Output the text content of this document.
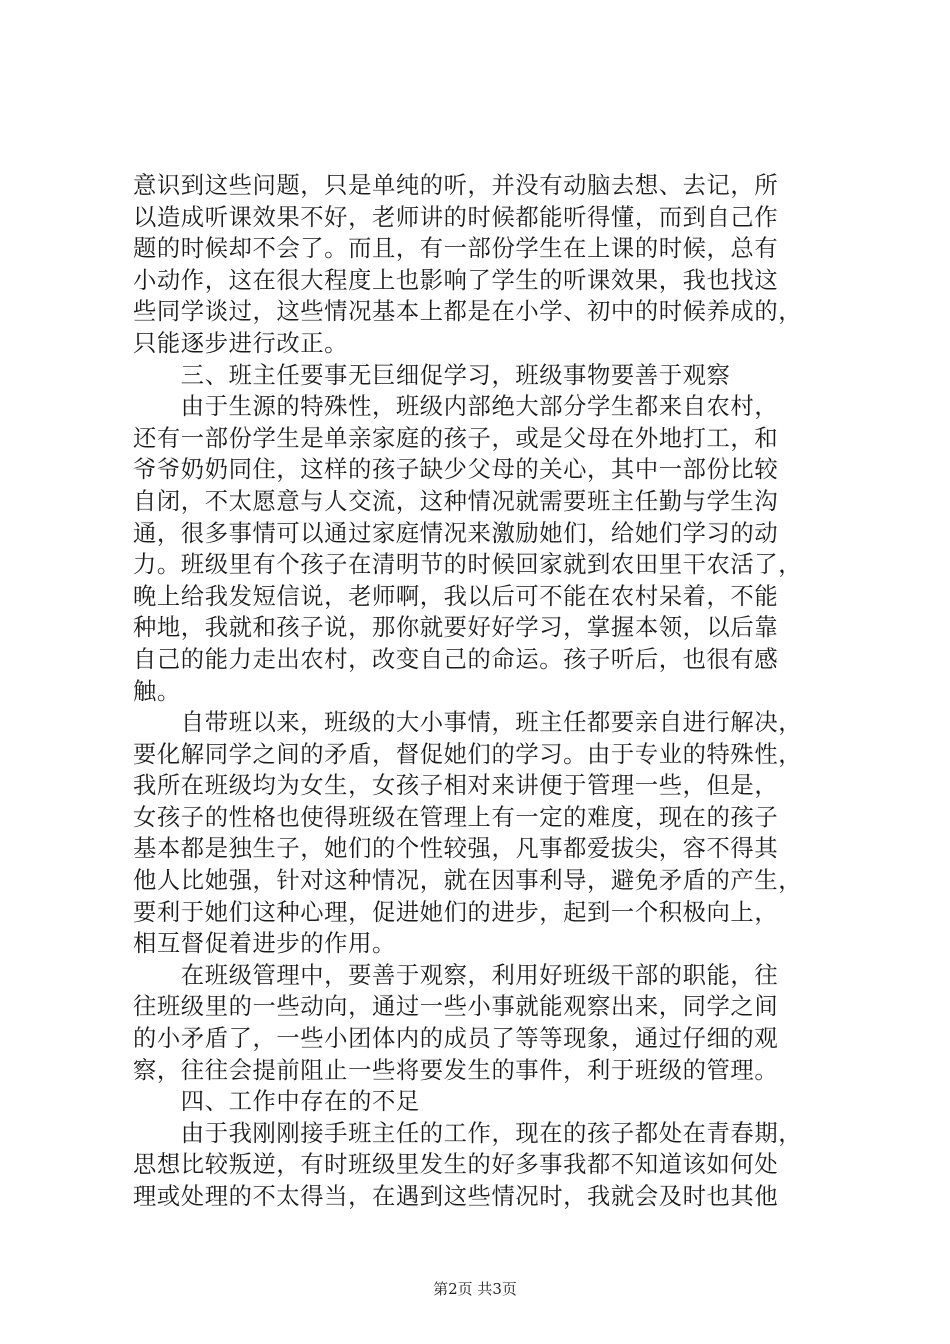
意识到这些问题，只是单纯的听，并没有动脑去想、去记，所
以造成听课效果不好，老师讲的时候都能听得懂，而到自己作
题的时候却不会了。而且，有一部份学生在上课的时候，总有
小动作，这在很大程度上也影响了学生的听课效果，我也找这
些同学谈过，这些情况基本上都是在小学、初中的时候养成的，
只能逐步进行改正。
　　三、班主任要事无巨细促学习，班级事物要善于观察
　　由于生源的特殊性，班级内部绝大部分学生都来自农村，
还有一部份学生是单亲家庭的孩子，或是父母在外地打工，和
爷爷奶奶同住，这样的孩子缺少父母的关心，其中一部份比较
自闭，不太愿意与人交流，这种情况就需要班主任勤与学生沟
通，很多事情可以通过家庭情况来激励她们，给她们学习的动
力。班级里有个孩子在清明节的时候回家就到农田里干农活了，
晚上给我发短信说，老师啊，我以后可不能在农村呆着，不能
种地，我就和孩子说，那你就要好好学习，掌握本领，以后靠
自己的能力走出农村，改变自己的命运。孩子听后，也很有感
触。
　　自带班以来，班级的大小事情，班主任都要亲自进行解决，
要化解同学之间的矛盾，督促她们的学习。由于专业的特殊性，
我所在班级均为女生，女孩子相对来讲便于管理一些，但是，
女孩子的性格也使得班级在管理上有一定的难度，现在的孩子
基本都是独生子，她们的个性较强，凡事都爱拔尖，容不得其
他人比她强，针对这种情况，就在因事利导，避免矛盾的产生，
要利于她们这种心理，促进她们的进步，起到一个积极向上，
相互督促着进步的作用。
　　在班级管理中，要善于观察，利用好班级干部的职能，往
往班级里的一些动向，通过一些小事就能观察出来，同学之间
的小矛盾了，一些小团体内的成员了等等现象，通过仔细的观
察，往往会提前阻止一些将要发生的事件，利于班级的管理。
　　四、工作中存在的不足
　　由于我刚刚接手班主任的工作，现在的孩子都处在青春期，
思想比较叛逆，有时班级里发生的好多事我都不知道该如何处
理或处理的不太得当，在遇到这些情况时，我就会及时也其他
第2页 共3页
